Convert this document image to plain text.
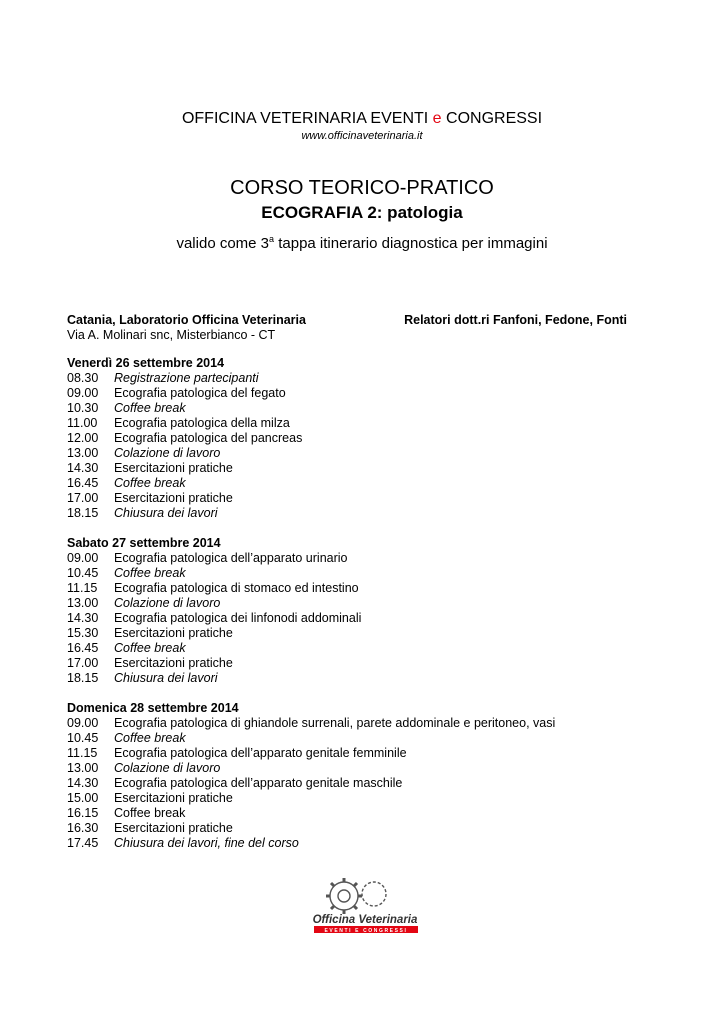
OFFICINA VETERINARIA EVENTI e CONGRESSI
www.officinaveterinaria.it
CORSO TEORICO-PRATICO
ECOGRAFIA 2: patologia
valido come 3$^a$ tappa itinerario diagnostica per immagini
Catania, Laboratorio Officina Veterinaria	Relatori dott.ri Fanfoni, Fedone, Fonti
Via A. Molinari snc, Misterbianco - CT
Venerdì 26 settembre 2014
08.30	Registrazione partecipanti
09.00	Ecografia patologica del fegato
10.30	Coffee break
11.00	Ecografia patologica della milza
12.00	Ecografia patologica del pancreas
13.00	Colazione di lavoro
14.30	Esercitazioni pratiche
16.45	Coffee break
17.00	Esercitazioni pratiche
18.15	Chiusura dei lavori
Sabato 27 settembre 2014
09.00	Ecografia patologica dell’apparato urinario
10.45	Coffee break
11.15	Ecografia patologica di stomaco ed intestino
13.00	Colazione di lavoro
14.30	Ecografia patologica dei linfonodi addominali
15.30	Esercitazioni pratiche
16.45	Coffee break
17.00	Esercitazioni pratiche
18.15	Chiusura dei lavori
Domenica 28 settembre 2014
09.00	Ecografia patologica di ghiandole surrenali, parete addominale e peritoneo, vasi
10.45	Coffee break
11.15	Ecografia patologica dell’apparato genitale femminile
13.00	Colazione di lavoro
14.30	Ecografia patologica dell’apparato genitale maschile
15.00	Esercitazioni pratiche
16.15	Coffee break
16.30	Esercitazioni pratiche
17.45	Chiusura dei lavori, fine del corso
Officina Veterinaria
EVENTI E CONGRESSI
